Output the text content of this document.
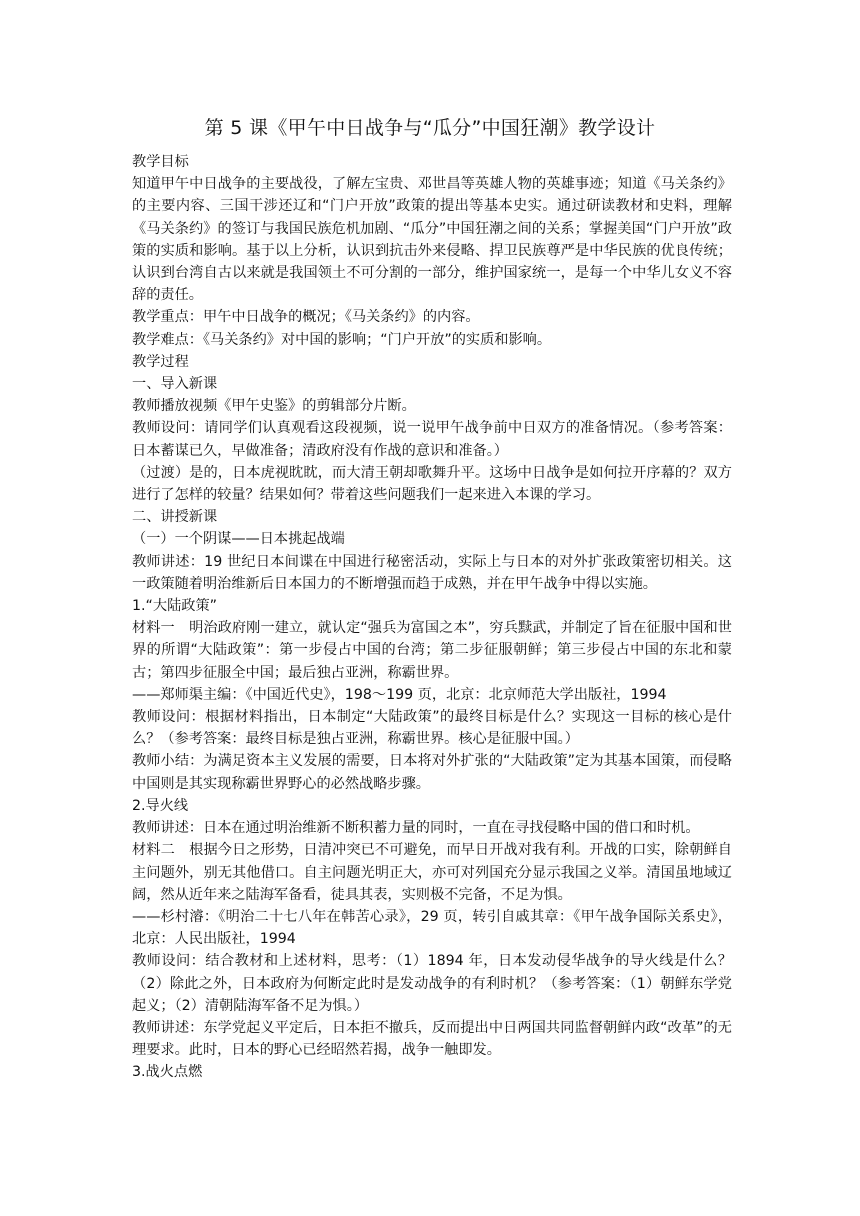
第 5 课《甲午中日战争与“瓜分”中国狂潮》教学设计

教学目标

知道甲午中日战争的主要战役，了解左宝贵、邓世昌等英雄人物的英雄事迹；知道《马关条约》的主要内容、三国干涉还辽和“门户开放”政策的提出等基本史实。通过研读教材和史料，理解《马关条约》的签订与我国民族危机加剧、“瓜分”中国狂潮之间的关系；掌握美国“门户开放”政策的实质和影响。基于以上分析，认识到抗击外来侵略、捍卫民族尊严是中华民族的优良传统；认识到台湾自古以来就是我国领土不可分割的一部分，维护国家统一，是每一个中华儿女义不容辞的责任。

教学重点：甲午中日战争的概况；《马关条约》的内容。

教学难点：《马关条约》对中国的影响；“门户开放”的实质和影响。

教学过程

一、导入新课

教师播放视频《甲午史鉴》的剪辑部分片断。

教师设问：请同学们认真观看这段视频，说一说甲午战争前中日双方的准备情况。（参考答案：日本蓄谋已久，早做准备；清政府没有作战的意识和准备。）

（过渡）是的，日本虎视眈眈，而大清王朝却歌舞升平。这场中日战争是如何拉开序幕的？双方进行了怎样的较量？结果如何？带着这些问题我们一起来进入本课的学习。

二、讲授新课

（一）一个阴谋——日本挑起战端

教师讲述：19 世纪日本间谍在中国进行秘密活动，实际上与日本的对外扩张政策密切相关。这一政策随着明治维新后日本国力的不断增强而趋于成熟，并在甲午战争中得以实施。

1.“大陆政策”

材料一　明治政府刚一建立，就认定“强兵为富国之本”，穷兵黩武，并制定了旨在征服中国和世界的所谓“大陆政策”：第一步侵占中国的台湾；第二步征服朝鲜；第三步侵占中国的东北和蒙古；第四步征服全中国；最后独占亚洲，称霸世界。

——郑师渠主编：《中国近代史》，198～199 页，北京：北京师范大学出版社，1994

教师设问：根据材料指出，日本制定“大陆政策”的最终目标是什么？实现这一目标的核心是什么？（参考答案：最终目标是独占亚洲，称霸世界。核心是征服中国。）

教师小结：为满足资本主义发展的需要，日本将对外扩张的“大陆政策”定为其基本国策，而侵略中国则是其实现称霸世界野心的必然战略步骤。

2.导火线

教师讲述：日本在通过明治维新不断积蓄力量的同时，一直在寻找侵略中国的借口和时机。

材料二　根据今日之形势，日清冲突已不可避免，而早日开战对我有利。开战的口实，除朝鲜自主问题外，别无其他借口。自主问题光明正大，亦可对列国充分显示我国之义举。清国虽地域辽阔，然从近年来之陆海军备看，徒具其表，实则极不完备，不足为惧。

——杉村濬：《明治二十七八年在韩苦心录》，29 页，转引自戚其章：《甲午战争国际关系史》，北京：人民出版社，1994

教师设问：结合教材和上述材料，思考：（1）1894 年，日本发动侵华战争的导火线是什么？（2）除此之外，日本政府为何断定此时是发动战争的有利时机？（参考答案：（1）朝鲜东学党起义；（2）清朝陆海军备不足为惧。）

教师讲述：东学党起义平定后，日本拒不撤兵，反而提出中日两国共同监督朝鲜内政“改革”的无理要求。此时，日本的野心已经昭然若揭，战争一触即发。

3.战火点燃
